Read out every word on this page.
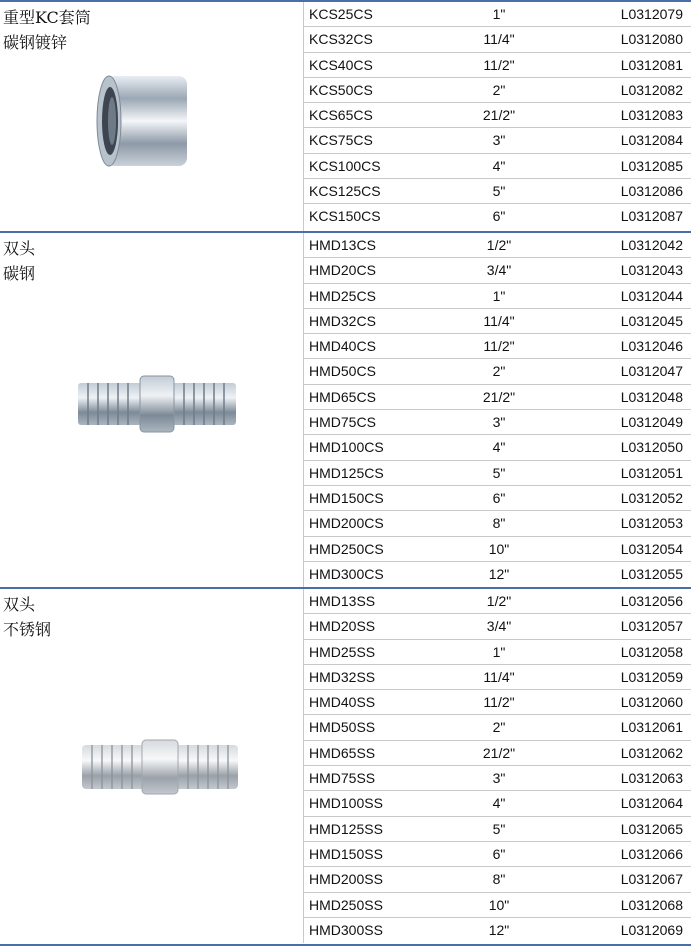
重型KC套筒
碳钢镀锌
KCS25CS	1"	L0312079
KCS32CS	11/4"	L0312080
KCS40CS	11/2"	L0312081
KCS50CS	2"	L0312082
KCS65CS	21/2"	L0312083
KCS75CS	3"	L0312084
KCS100CS	4"	L0312085
KCS125CS	5"	L0312086
KCS150CS	6"	L0312087
双头
碳钢
HMD13CS	1/2"	L0312042
HMD20CS	3/4"	L0312043
HMD25CS	1"	L0312044
HMD32CS	11/4"	L0312045
HMD40CS	11/2"	L0312046
HMD50CS	2"	L0312047
HMD65CS	21/2"	L0312048
HMD75CS	3"	L0312049
HMD100CS	4"	L0312050
HMD125CS	5"	L0312051
HMD150CS	6"	L0312052
HMD200CS	8"	L0312053
HMD250CS	10"	L0312054
HMD300CS	12"	L0312055
双头
不锈钢
HMD13SS	1/2"	L0312056
HMD20SS	3/4"	L0312057
HMD25SS	1"	L0312058
HMD32SS	11/4"	L0312059
HMD40SS	11/2"	L0312060
HMD50SS	2"	L0312061
HMD65SS	21/2"	L0312062
HMD75SS	3"	L0312063
HMD100SS	4"	L0312064
HMD125SS	5"	L0312065
HMD150SS	6"	L0312066
HMD200SS	8"	L0312067
HMD250SS	10"	L0312068
HMD300SS	12"	L0312069
